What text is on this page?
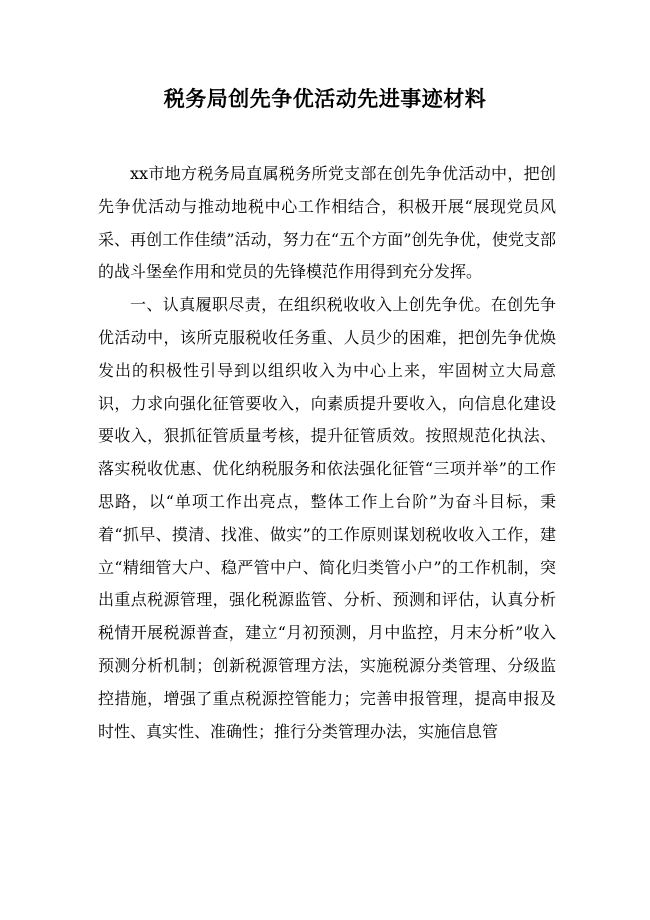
税务局创先争优活动先进事迹材料

xx市地方税务局直属税务所党支部在创先争优活动中，把创先争优活动与推动地税中心工作相结合，积极开展“展现党员风采、再创工作佳绩”活动，努力在“五个方面”创先争优，使党支部的战斗堡垒作用和党员的先锋模范作用得到充分发挥。

一、认真履职尽责，在组织税收收入上创先争优。在创先争优活动中，该所克服税收任务重、人员少的困难，把创先争优焕发出的积极性引导到以组织收入为中心上来，牢固树立大局意识，力求向强化征管要收入，向素质提升要收入，向信息化建设要收入，狠抓征管质量考核，提升征管质效。按照规范化执法、落实税收优惠、优化纳税服务和依法强化征管“三项并举”的工作思路，以“单项工作出亮点，整体工作上台阶”为奋斗目标，秉着“抓早、摸清、找准、做实”的工作原则谋划税收收入工作，建立“精细管大户、稳严管中户、简化归类管小户”的工作机制，突出重点税源管理，强化税源监管、分析、预测和评估，认真分析税情开展税源普查，建立“月初预测，月中监控，月末分析”收入预测分析机制；创新税源管理方法，实施税源分类管理、分级监控措施，增强了重点税源控管能力；完善申报管理，提高申报及时性、真实性、准确性；推行分类管理办法，实施信息管
